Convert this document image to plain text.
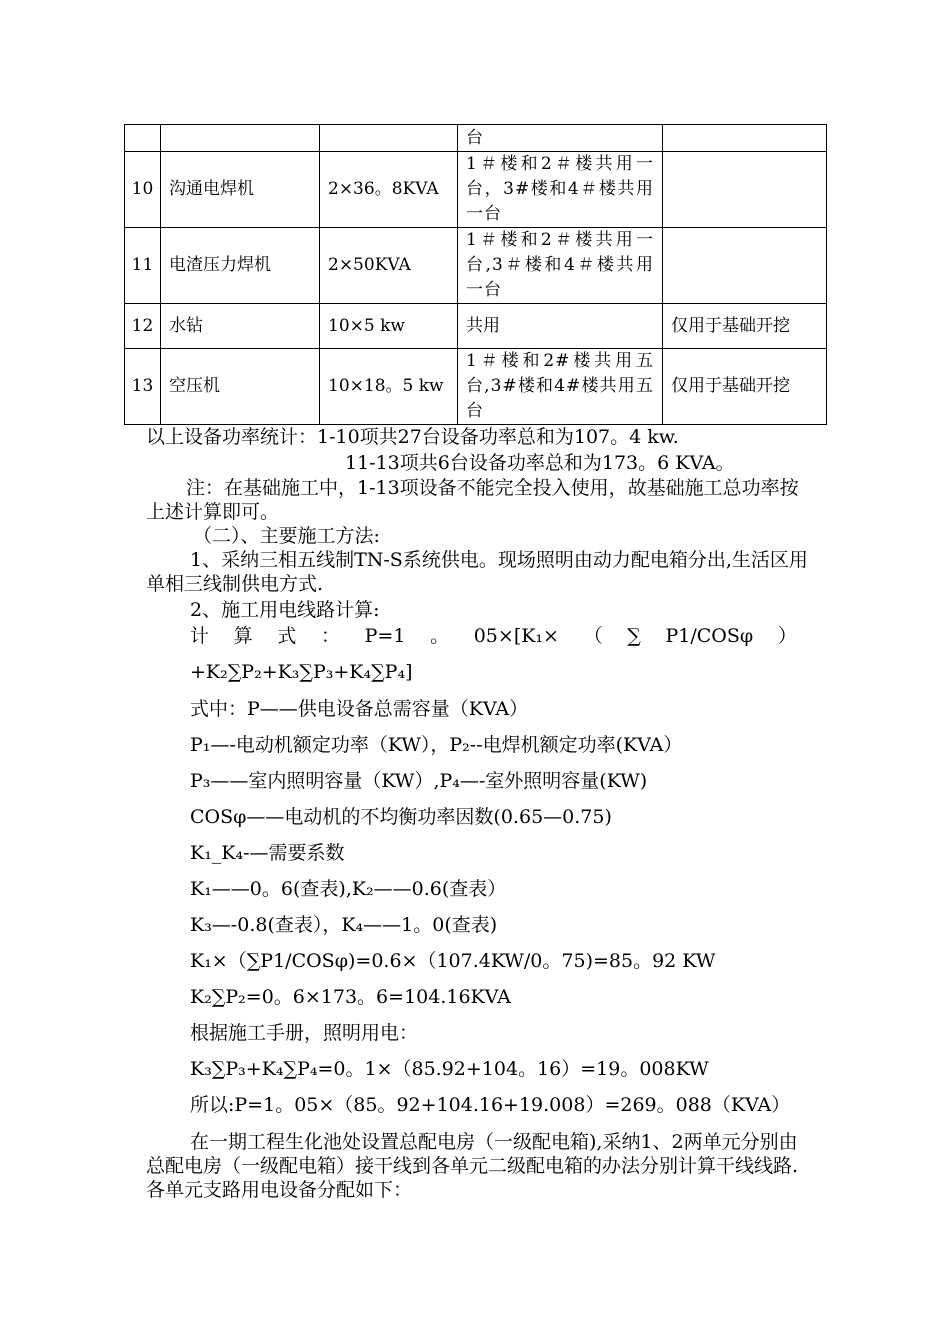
			台	
10	沟通电焊机	2×36。8KVA	1＃楼和2＃楼共用一台，3#楼和4＃楼共用一台	
11	电渣压力焊机	2×50KVA	1＃楼和2＃楼共用一台,3＃楼和4＃楼共用一台	
12	水钻	10×5 kw	共用	仅用于基础开挖
13	空压机	10×18。5 kw	1＃楼和2#楼共用五台,3#楼和4#楼共用五台	仅用于基础开挖
以上设备功率统计：1-10项共27台设备功率总和为107。4 kw.
11-13项共6台设备功率总和为173。6 KVA。
注：在基础施工中，1-13项设备不能完全投入使用，故基础施工总功率按上述计算即可。
（二）、主要施工方法:
1、采纳三相五线制TN-S系统供电。现场照明由动力配电箱分出,生活区用单相三线制供电方式.
2、施工用电线路计算:
计 算 式 ： P=1 。 05×[K₁× （ ∑ P1/COSφ ）
+K₂∑P₂+K₃∑P₃+K₄∑P₄]
式中：P——供电设备总需容量（KVA）
P₁—-电动机额定功率（KW），P₂--电焊机额定功率(KVA）
P₃——室内照明容量（KW）,P₄—-室外照明容量(KW)
COSφ——电动机的不均衡功率因数(0.65—0.75)
K₁_K₄-—需要系数
K₁——0。6(查表),K₂——0.6(查表）
K₃—-0.8(查表），K₄——1。0(查表)
K₁×（∑P1/COSφ)=0.6×（107.4KW/0。75)=85。92 KW
K₂∑P₂=0。6×173。6=104.16KVA
根据施工手册，照明用电：
K₃∑P₃+K₄∑P₄=0。1×（85.92+104。16）=19。008KW
所以:P=1。05×（85。92+104.16+19.008）=269。088（KVA）
在一期工程生化池处设置总配电房（一级配电箱),采纳1、2两单元分别由总配电房（一级配电箱）接干线到各单元二级配电箱的办法分别计算干线线路.各单元支路用电设备分配如下：
